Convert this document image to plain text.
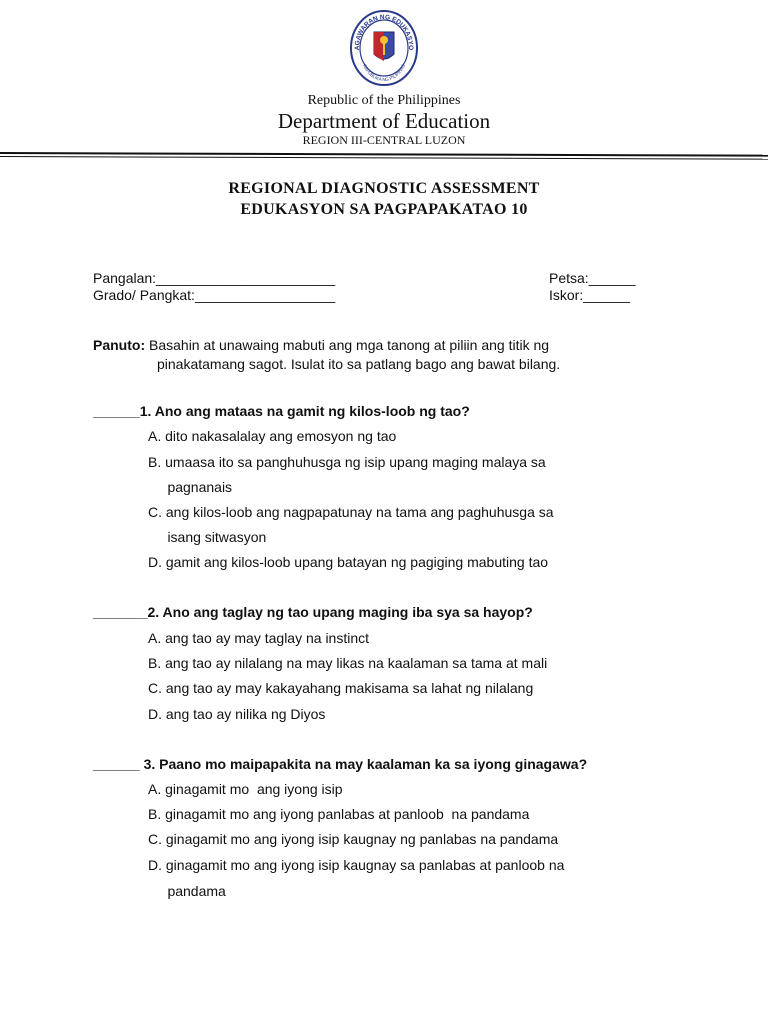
AGAWARAN NG EDUKASYO
REPUBLIKA NG PILIPINAS
Republic of the Philippines
Department of Education
REGION III-CENTRAL LUZON
REGIONAL DIAGNOSTIC ASSESSMENT
EDUKASYON SA PAGPAPAKATAO 10
Pangalan:_______________________	Petsa:______
Grado/ Pangkat:__________________	Iskor:______
Panuto: Basahin at unawaing mabuti ang mga tanong at piliin ang titik ng
pinakatamang sagot. Isulat ito sa patlang bago ang bawat bilang.
______1. Ano ang mataas na gamit ng kilos-loob ng tao?
A. dito nakasalalay ang emosyon ng tao
B. umaasa ito sa panghuhusga ng isip upang maging malaya sa
pagnanais
C. ang kilos-loob ang nagpapatunay na tama ang paghuhusga sa
isang sitwasyon
D. gamit ang kilos-loob upang batayan ng pagiging mabuting tao
_______2. Ano ang taglay ng tao upang maging iba sya sa hayop?
A. ang tao ay may taglay na instinct
B. ang tao ay nilalang na may likas na kaalaman sa tama at mali
C. ang tao ay may kakayahang makisama sa lahat ng nilalang
D. ang tao ay nilika ng Diyos
______ 3. Paano mo maipapakita na may kaalaman ka sa iyong ginagawa?
A. ginagamit mo  ang iyong isip
B. ginagamit mo ang iyong panlabas at panloob  na pandama
C. ginagamit mo ang iyong isip kaugnay ng panlabas na pandama
D. ginagamit mo ang iyong isip kaugnay sa panlabas at panloob na
pandama
